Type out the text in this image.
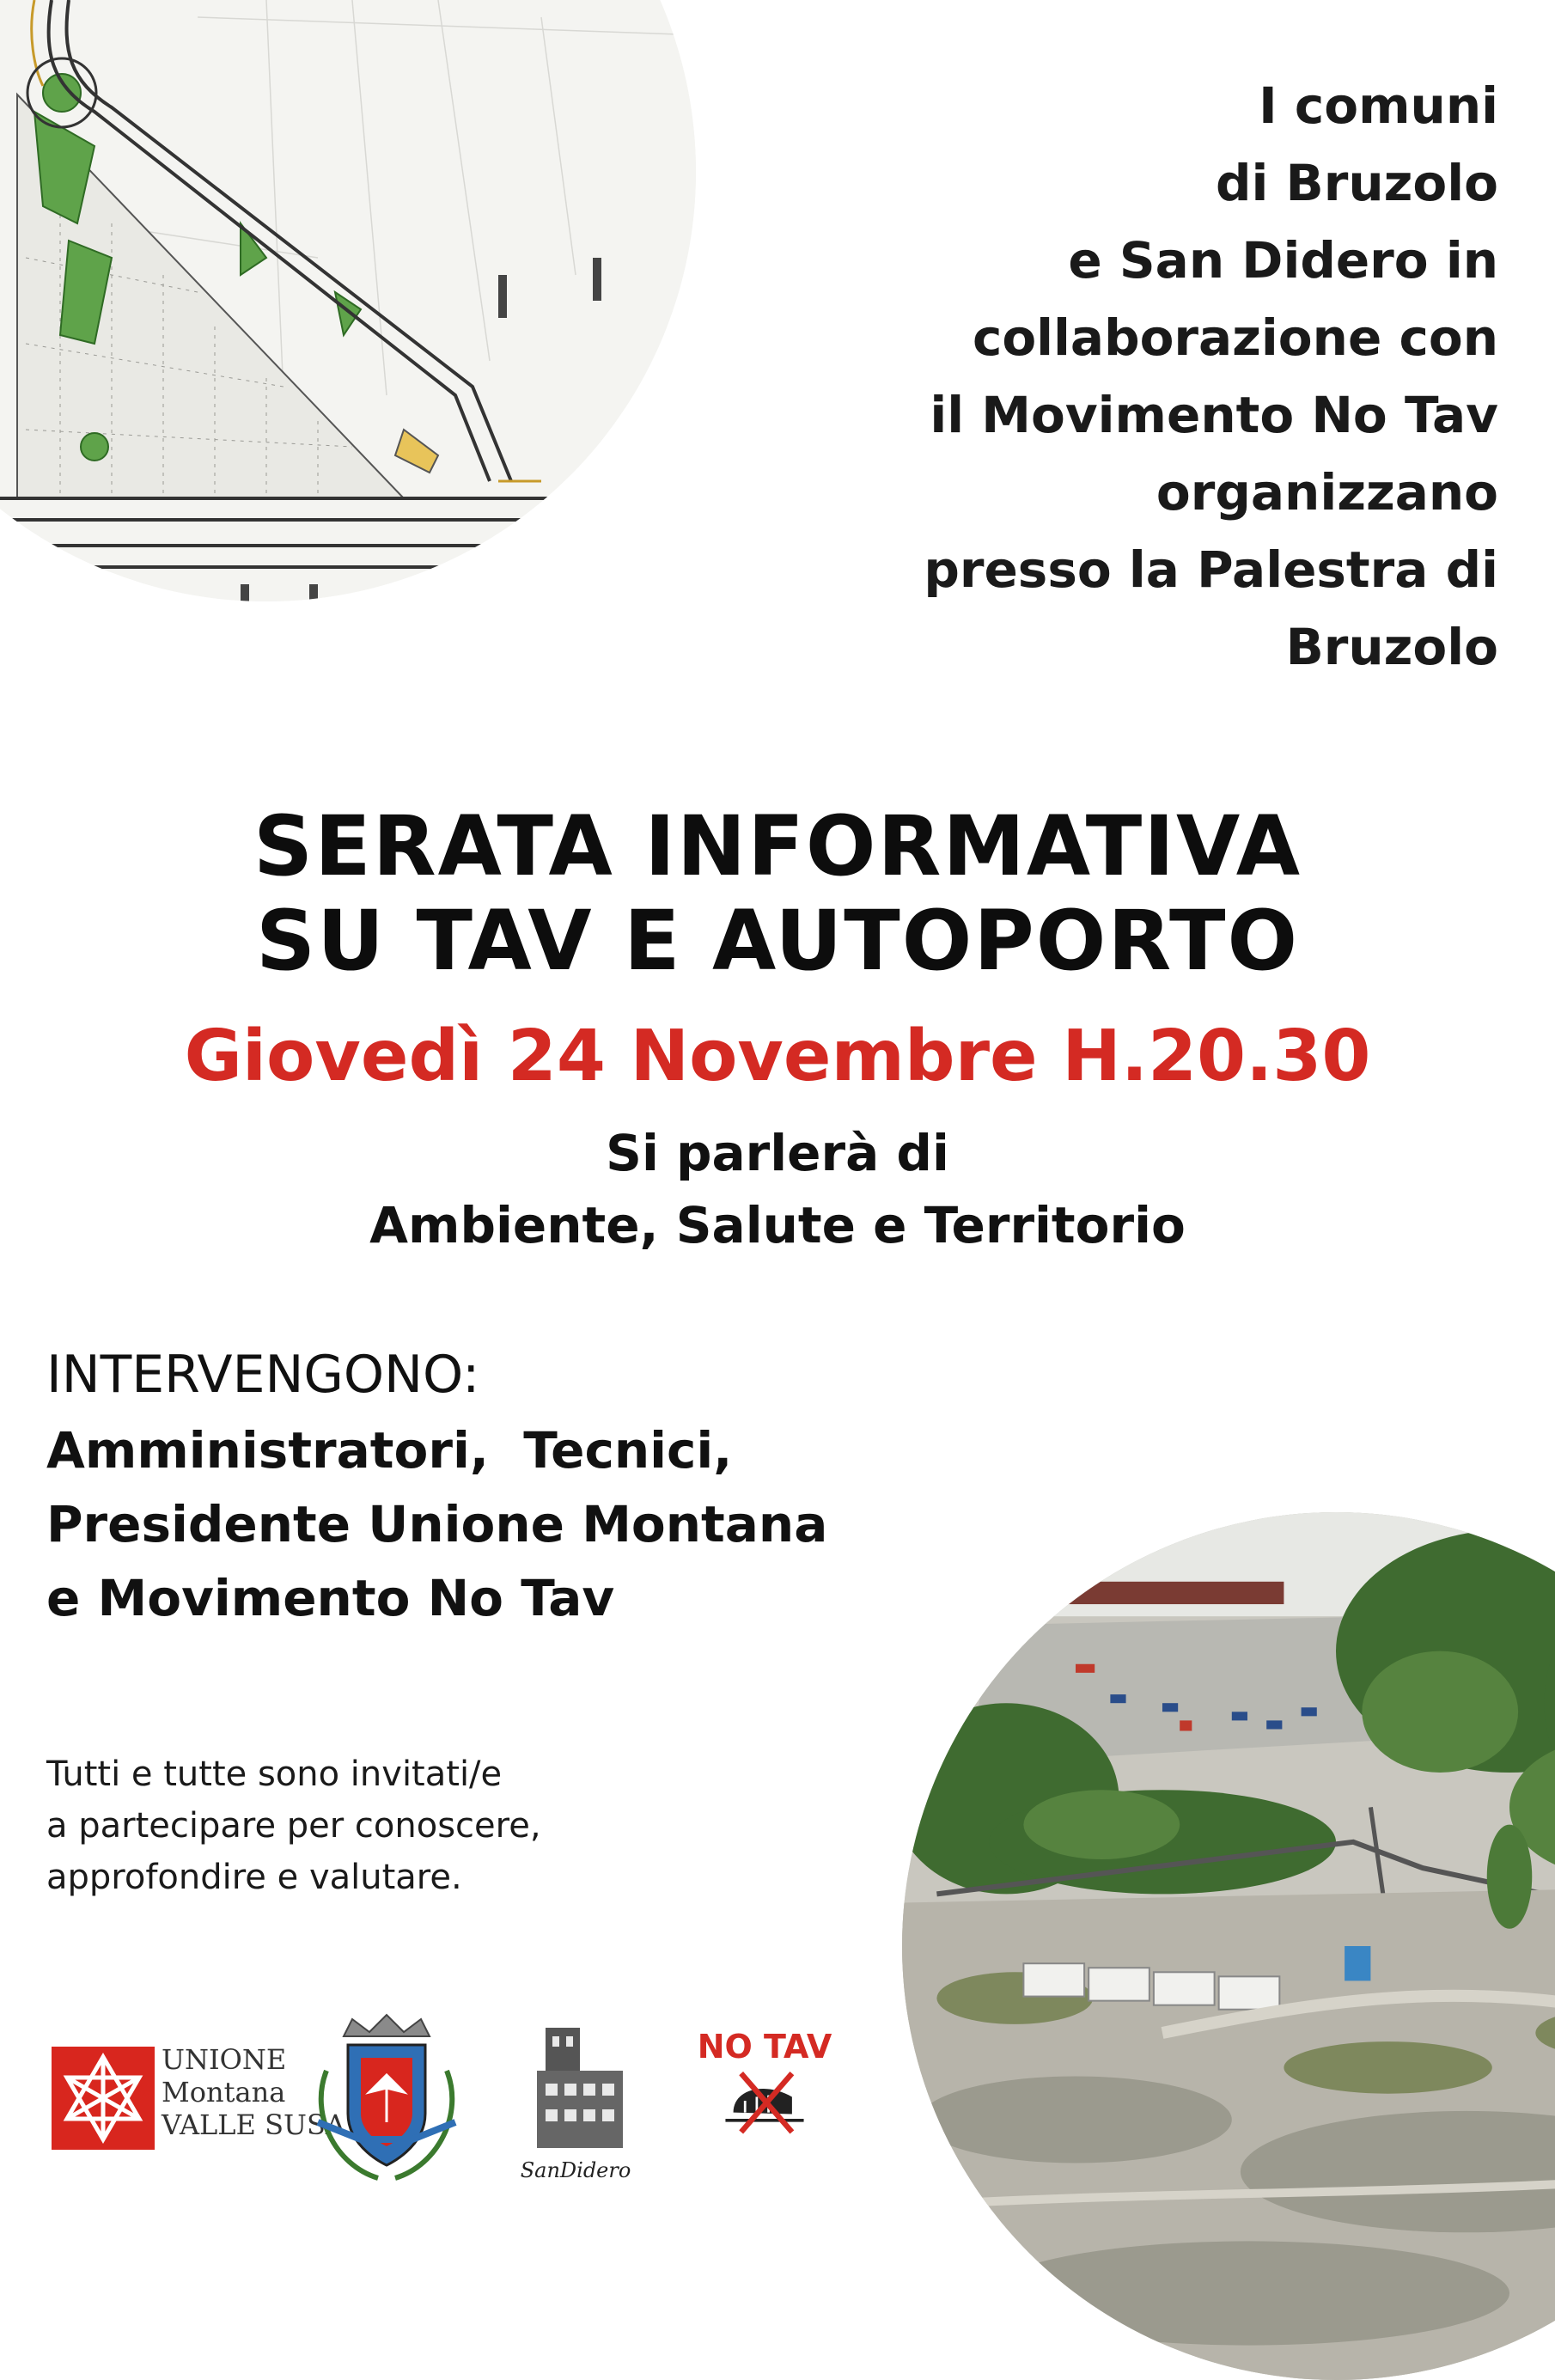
I comuni
di Bruzolo
e San Didero in
collaborazione con
il Movimento No Tav
organizzano
presso la Palestra di
Bruzolo
SERATA INFORMATIVA
SU TAV E AUTOPORTO
Giovedì 24 Novembre H.20.30
Si parlerà di
Ambiente, Salute e Territorio
INTERVENGONO:
Amministratori,  Tecnici,
Presidente Unione Montana
e Movimento No Tav
Tutti e tutte sono invitati/e
a partecipare per conoscere,
approfondire e valutare.
UNIONE
Montana
VALLE SUSA
SanDidero
NO TAV
